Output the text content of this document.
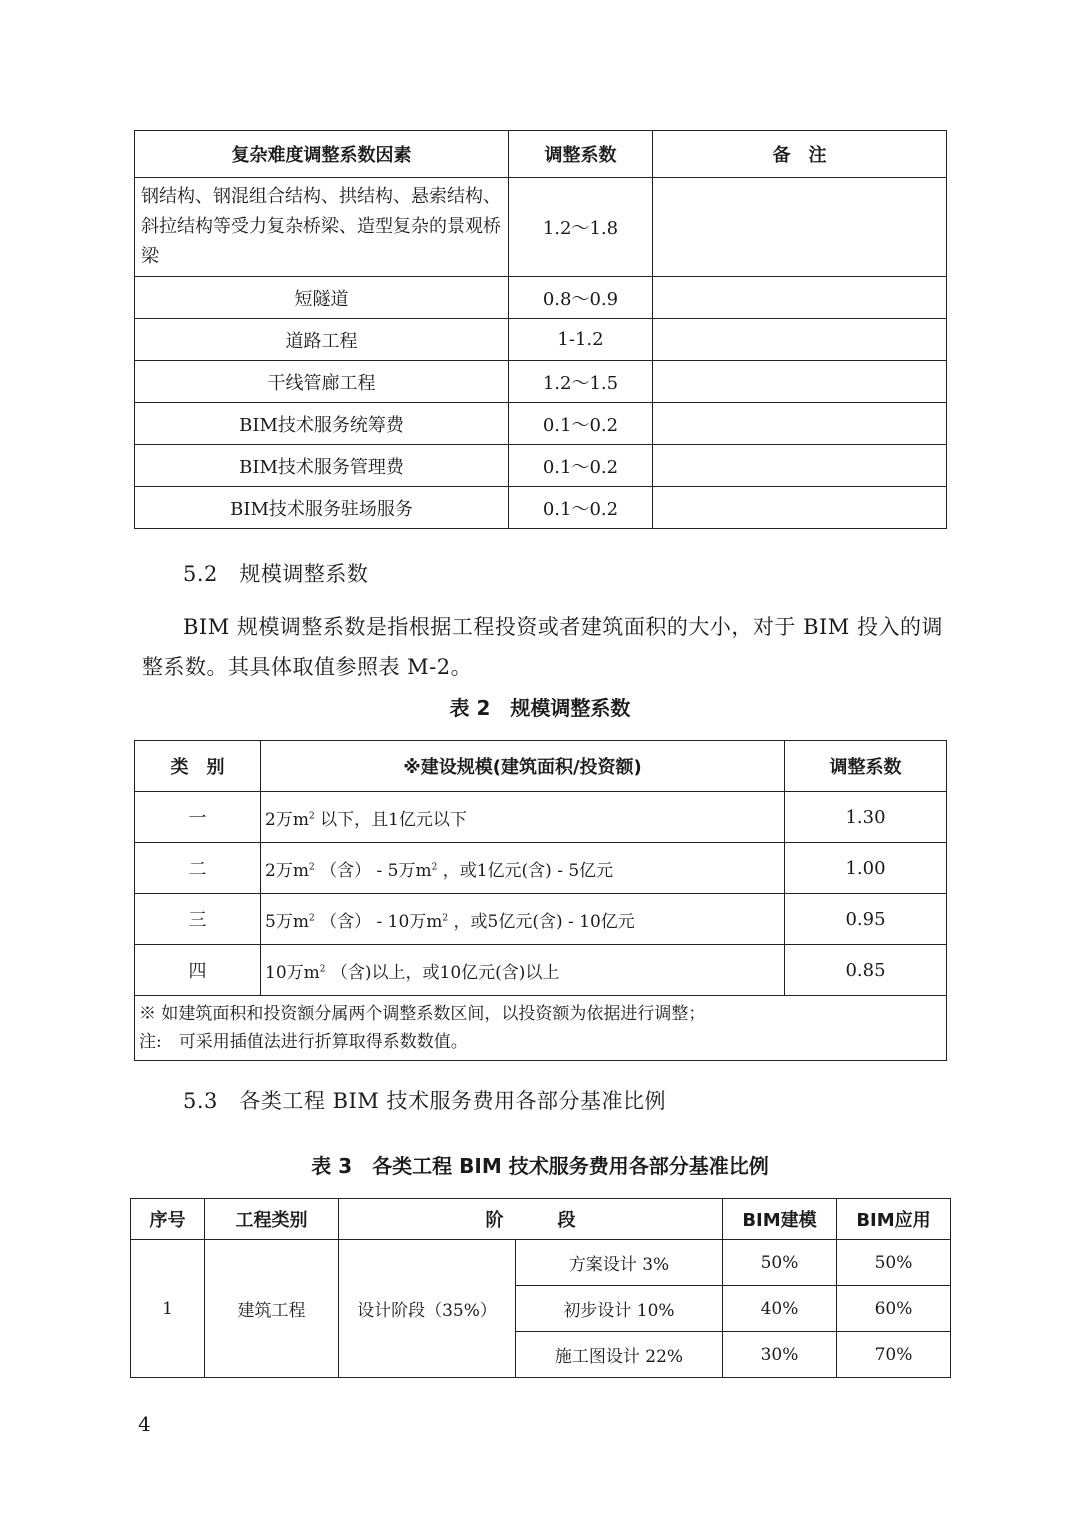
复杂难度调整系数因素	调整系数	备　注
钢结构、钢混组合结构、拱结构、悬索结构、斜拉结构等受力复杂桥梁、造型复杂的景观桥梁	1.2～1.8	
短隧道	0.8～0.9	
道路工程	1-1.2	
干线管廊工程	1.2～1.5	
BIM技术服务统筹费	0.1～0.2	
BIM技术服务管理费	0.1～0.2	
BIM技术服务驻场服务	0.1～0.2	
5.2　规模调整系数
BIM 规模调整系数是指根据工程投资或者建筑面积的大小，对于 BIM 投入的调
整系数。其具体取值参照表 M-2。
表 2　规模调整系数
类　别	※建设规模(建筑面积/投资额)	调整系数
一	2万$m^2$ 以下，且1亿元以下	1.30
二	2万$m^2$ （含） - 5万$m^2$ ，或1亿元(含) - 5亿元	1.00
三	5万$m^2$ （含） - 10万$m^2$ ，或5亿元(含) - 10亿元	0.95
四	10万$m^2$ （含)以上，或10亿元(含)以上	0.85

※ 如建筑面积和投资额分属两个调整系数区间，以投资额为依据进行调整；
注:　可采用插值法进行折算取得系数数值。		
5.3　各类工程 BIM 技术服务费用各部分基准比例
表 3　各类工程 BIM 技术服务费用各部分基准比例
序号	工程类别	阶　　　段		BIM建模	BIM应用
1	建筑工程	设计阶段（35%）	方案设计 3%	50%	50%
			初步设计 10%	40%	60%
			施工图设计 22%	30%	70%
4
